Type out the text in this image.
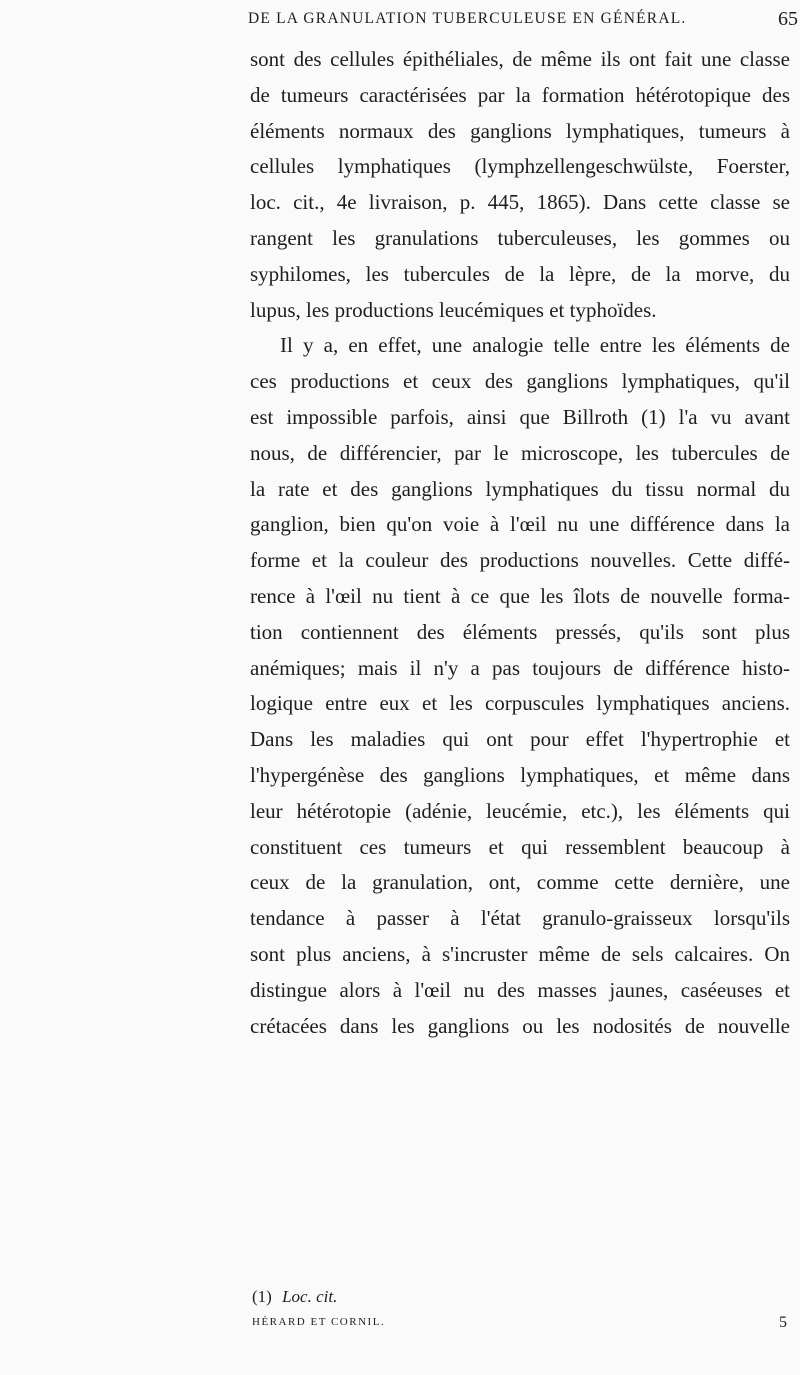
DE LA GRANULATION TUBERCULEUSE EN GÉNÉRAL.	65

sont des cellules épithéliales, de même ils ont fait une classe
de tumeurs caractérisées par la formation hétérotopique des
éléments normaux des ganglions lymphatiques, tumeurs à
cellules lymphatiques (lymphzellengeschwülste, Foerster,
loc. cit., 4e livraison, p. 445, 1865). Dans cette classe se
rangent les granulations tuberculeuses, les gommes ou
syphilomes, les tubercules de la lèpre, de la morve, du
lupus, les productions leucémiques et typhoïdes.

Il y a, en effet, une analogie telle entre les éléments de
ces productions et ceux des ganglions lymphatiques, qu'il
est impossible parfois, ainsi que Billroth (1) l'a vu avant
nous, de différencier, par le microscope, les tubercules de
la rate et des ganglions lymphatiques du tissu normal du
ganglion, bien qu'on voie à l'œil nu une différence dans la
forme et la couleur des productions nouvelles. Cette diffé-
rence à l'œil nu tient à ce que les îlots de nouvelle forma-
tion contiennent des éléments pressés, qu'ils sont plus
anémiques; mais il n'y a pas toujours de différence histo-
logique entre eux et les corpuscules lymphatiques anciens.
Dans les maladies qui ont pour effet l'hypertrophie et
l'hypergénèse des ganglions lymphatiques, et même dans
leur hétérotopie (adénie, leucémie, etc.), les éléments qui
constituent ces tumeurs et qui ressemblent beaucoup à
ceux de la granulation, ont, comme cette dernière, une
tendance à passer à l'état granulo-graisseux lorsqu'ils
sont plus anciens, à s'incruster même de sels calcaires. On
distingue alors à l'œil nu des masses jaunes, caséeuses et
crétacées dans les ganglions ou les nodosités de nouvelle

(1) Loc. cit.
HÉRARD ET CORNIL.	5
